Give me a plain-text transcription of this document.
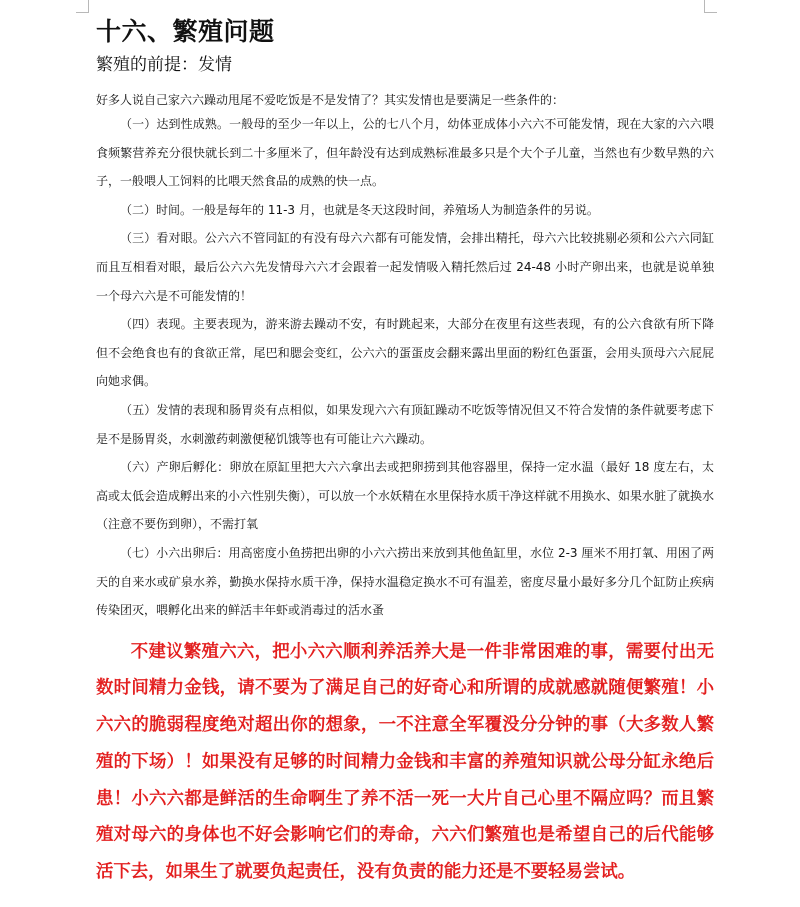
十六、繁殖问题
繁殖的前提：发情

好多人说自己家六六躁动甩尾不爱吃饭是不是发情了？其实发情也是要满足一些条件的：

（一）达到性成熟。一般母的至少一年以上，公的七八个月，幼体亚成体小六六不可能发情，现在大家的六六喂食频繁营养充分很快就长到二十多厘米了，但年龄没有达到成熟标准最多只是个大个子儿童，当然也有少数早熟的六子，一般喂人工饲料的比喂天然食品的成熟的快一点。

（二）时间。一般是每年的 11-3 月，也就是冬天这段时间，养殖场人为制造条件的另说。

（三）看对眼。公六六不管同缸的有没有母六六都有可能发情，会排出精托，母六六比较挑剔必须和公六六同缸而且互相看对眼，最后公六六先发情母六六才会跟着一起发情吸入精托然后过 24-48 小时产卵出来，也就是说单独一个母六六是不可能发情的！

（四）表现。主要表现为，游来游去躁动不安，有时跳起来，大部分在夜里有这些表现，有的公六食欲有所下降但不会绝食也有的食欲正常，尾巴和腮会变红，公六六的蛋蛋皮会翻来露出里面的粉红色蛋蛋，会用头顶母六六屁屁向她求偶。

（五）发情的表现和肠胃炎有点相似，如果发现六六有顶缸躁动不吃饭等情况但又不符合发情的条件就要考虑下是不是肠胃炎，水刺激药刺激便秘饥饿等也有可能让六六躁动。

（六）产卵后孵化：卵放在原缸里把大六六拿出去或把卵捞到其他容器里，保持一定水温（最好 18 度左右，太高或太低会造成孵出来的小六性别失衡），可以放一个水妖精在水里保持水质干净这样就不用换水、如果水脏了就换水（注意不要伤到卵），不需打氧

（七）小六出卵后：用高密度小鱼捞把出卵的小六六捞出来放到其他鱼缸里，水位 2-3 厘米不用打氧、用困了两天的自来水或矿泉水养，勤换水保持水质干净，保持水温稳定换水不可有温差，密度尽量小最好多分几个缸防止疾病传染团灭，喂孵化出来的鲜活丰年虾或消毒过的活水蚤

不建议繁殖六六，把小六六顺利养活养大是一件非常困难的事，需要付出无数时间精力金钱，请不要为了满足自己的好奇心和所谓的成就感就随便繁殖！小六六的脆弱程度绝对超出你的想象，一不注意全军覆没分分钟的事（大多数人繁殖的下场）！如果没有足够的时间精力金钱和丰富的养殖知识就公母分缸永绝后患！小六六都是鲜活的生命啊生了养不活一死一大片自己心里不隔应吗？而且繁殖对母六的身体也不好会影响它们的寿命，六六们繁殖也是希望自己的后代能够活下去，如果生了就要负起责任，没有负责的能力还是不要轻易尝试。
